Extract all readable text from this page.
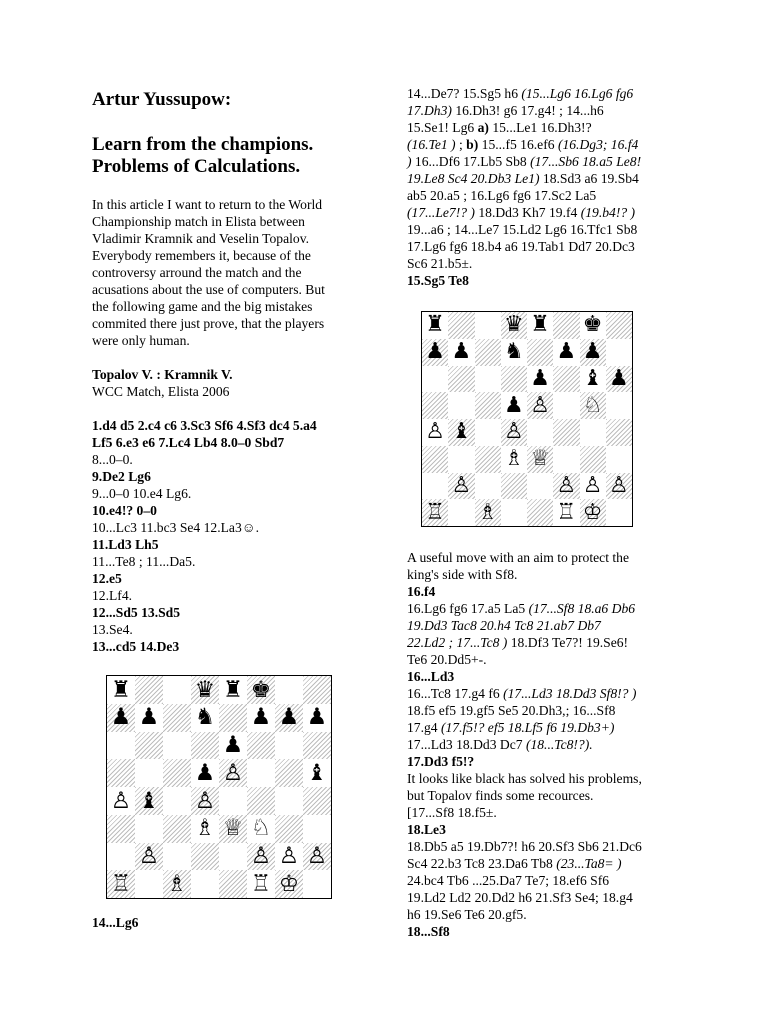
Artur Yussupow:
Learn from the champions.
Problems of Calculations.
In this article I want to return to the World
Championship match in Elista between
Vladimir Kramnik and Veselin Topalov.
Everybody remembers it, because of the
controversy arround the match and the
acusations about the use of computers. But
the following game and the big mistakes
commited there just prove, that the players
were only human.
Topalov V. : Kramnik V.
WCC Match, Elista 2006
1.d4 d5 2.c4 c6 3.Sc3 Sf6 4.Sf3 dc4 5.a4
Lf5 6.e3 e6 7.Lc4 Lb4 8.0–0 Sbd7
8...0–0.
9.De2 Lg6
9...0–0 10.e4 Lg6.
10.e4!? 0–0
10...Lc3 11.bc3 Se4 12.La3☺.
11.Ld3 Lh5
11...Te8 ; 11...Da5.
12.e5
12.Lf4.
12...Sd5 13.Sd5
13.Se4.
13...cd5 14.De3
14...Lg6
♜	♛ ♜ ♚
♟ ♟ ♞ ♟ ♟ ♟
♟
♟ ♙	♝
♙ ♝ ♙
♗ ♕ ♘
♙	♙ ♙ ♙
♖ ♗	♖ ♔
14...De7? 15.Sg5 h6 (15...Lg6 16.Lg6 fg6
17.Dh3) 16.Dh3! g6 17.g4! ; 14...h6
15.Se1! Lg6 a) 15...Le1 16.Dh3!?
(16.Te1 ) ; b) 15...f5 16.ef6 (16.Dg3; 16.f4
) 16...Df6 17.Lb5 Sb8 (17...Sb6 18.a5 Le8!
19.Le8 Sc4 20.Db3 Le1) 18.Sd3 a6 19.Sb4
ab5 20.a5 ; 16.Lg6 fg6 17.Sc2 La5
(17...Le7!? ) 18.Dd3 Kh7 19.f4 (19.b4!? )
19...a6 ; 14...Le7 15.Ld2 Lg6 16.Tfc1 Sb8
17.Lg6 fg6 18.b4 a6 19.Tab1 Dd7 20.Dc3
Sc6 21.b5±.
15.Sg5 Te8
A useful move with an aim to protect the
king's side with Sf8.
16.f4
16.Lg6 fg6 17.a5 La5 (17...Sf8 18.a6 Db6
19.Dd3 Tac8 20.h4 Tc8 21.ab7 Db7
22.Ld2 ; 17...Tc8 ) 18.Df3 Te7?! 19.Se6!
Te6 20.Dd5+-.
16...Ld3
16...Tc8 17.g4 f6 (17...Ld3 18.Dd3 Sf8!? )
18.f5 ef5 19.gf5 Se5 20.Dh3,; 16...Sf8
17.g4 (17.f5!? ef5 18.Lf5 f6 19.Db3+)
17...Ld3 18.Dd3 Dc7 (18...Tc8!?).
17.Dd3 f5!?
It looks like black has solved his problems,
but Topalov finds some recources.
[17...Sf8 18.f5±.
18.Le3
18.Db5 a5 19.Db7?! h6 20.Sf3 Sb6 21.Dc6
Sc4 22.b3 Tc8 23.Da6 Tb8 (23...Ta8= )
24.bc4 Tb6 ...25.Da7 Te7; 18.ef6 Sf6
19.Ld2 Ld2 20.Dd2 h6 21.Sf3 Se4; 18.g4
h6 19.Se6 Te6 20.gf5.
18...Sf8
♜	♛ ♜ ♚
♟ ♟ ♞ ♟ ♟
♟ ♝ ♟
♟ ♙ ♘
♙ ♝ ♙
♗ ♕
♙	♙ ♙ ♙
♖ ♗	♖ ♔
